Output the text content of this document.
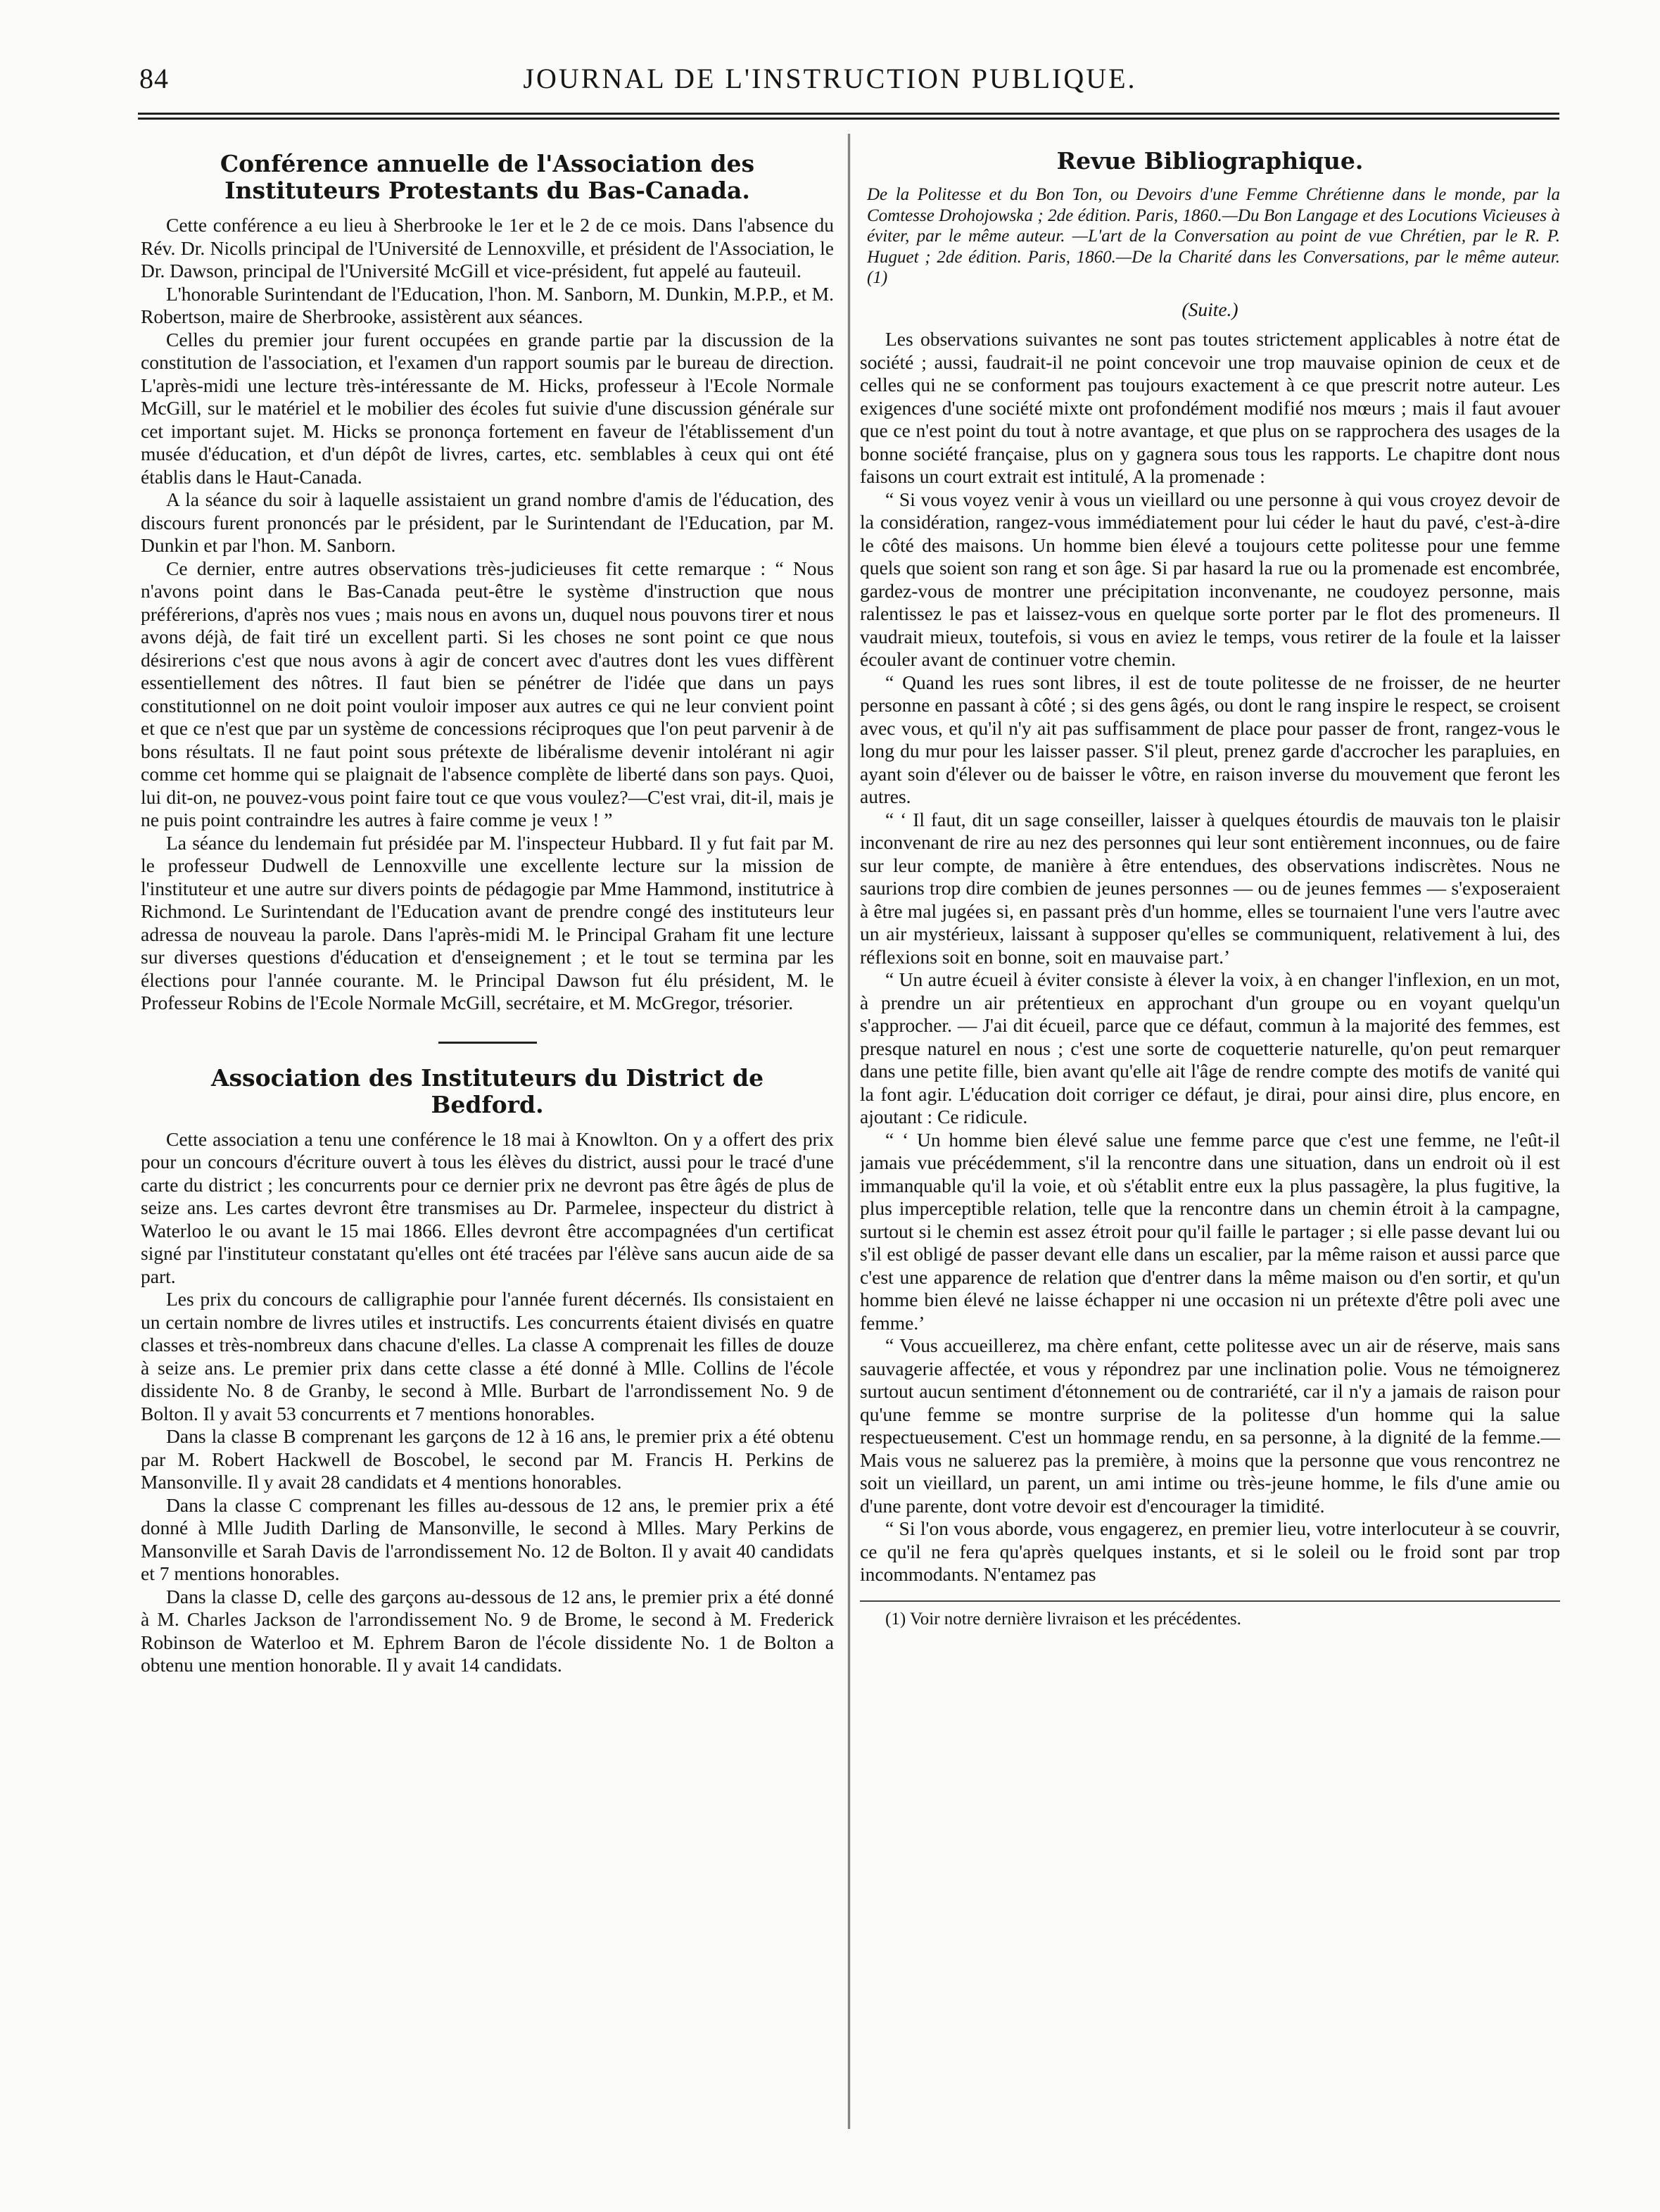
84	JOURNAL DE L'INSTRUCTION PUBLIQUE.
Conférence annuelle de l'Association des Instituteurs Protestants du Bas-Canada.

Cette conférence a eu lieu à Sherbrooke le 1er et le 2 de ce mois. Dans l'absence du Rév. Dr. Nicolls principal de l'Université de Lennoxville, et président de l'Association, le Dr. Dawson, principal de l'Université McGill et vice-président, fut appelé au fauteuil.

L'honorable Surintendant de l'Education, l'hon. M. Sanborn, M. Dunkin, M.P.P., et M. Robertson, maire de Sherbrooke, assistèrent aux séances.

Celles du premier jour furent occupées en grande partie par la discussion de la constitution de l'association, et l'examen d'un rapport soumis par le bureau de direction. L'après-midi une lecture très-intéressante de M. Hicks, professeur à l'Ecole Normale McGill, sur le matériel et le mobilier des écoles fut suivie d'une discussion générale sur cet important sujet. M. Hicks se prononça fortement en faveur de l'établissement d'un musée d'éducation, et d'un dépôt de livres, cartes, etc. semblables à ceux qui ont été établis dans le Haut-Canada.

A la séance du soir à laquelle assistaient un grand nombre d'amis de l'éducation, des discours furent prononcés par le président, par le Surintendant de l'Education, par M. Dunkin et par l'hon. M. Sanborn.

Ce dernier, entre autres observations très-judicieuses fit cette remarque : “ Nous n'avons point dans le Bas-Canada peut-être le système d'instruction que nous préférerions, d'après nos vues ; mais nous en avons un, duquel nous pouvons tirer et nous avons déjà, de fait tiré un excellent parti. Si les choses ne sont point ce que nous désirerions c'est que nous avons à agir de concert avec d'autres dont les vues diffèrent essentiellement des nôtres. Il faut bien se pénétrer de l'idée que dans un pays constitutionnel on ne doit point vouloir imposer aux autres ce qui ne leur convient point et que ce n'est que par un système de concessions réciproques que l'on peut parvenir à de bons résultats. Il ne faut point sous prétexte de libéralisme devenir intolérant ni agir comme cet homme qui se plaignait de l'absence complète de liberté dans son pays. Quoi, lui dit-on, ne pouvez-vous point faire tout ce que vous voulez?—C'est vrai, dit-il, mais je ne puis point contraindre les autres à faire comme je veux ! ”

La séance du lendemain fut présidée par M. l'inspecteur Hubbard. Il y fut fait par M. le professeur Dudwell de Lennoxville une excellente lecture sur la mission de l'instituteur et une autre sur divers points de pédagogie par Mme Hammond, institutrice à Richmond. Le Surintendant de l'Education avant de prendre congé des instituteurs leur adressa de nouveau la parole. Dans l'après-midi M. le Principal Graham fit une lecture sur diverses questions d'éducation et d'enseignement ; et le tout se termina par les élections pour l'année courante. M. le Principal Dawson fut élu président, M. le Professeur Robins de l'Ecole Normale McGill, secrétaire, et M. McGregor, trésorier.

Association des Instituteurs du District de Bedford.

Cette association a tenu une conférence le 18 mai à Knowlton. On y a offert des prix pour un concours d'écriture ouvert à tous les élèves du district, aussi pour le tracé d'une carte du district ; les concurrents pour ce dernier prix ne devront pas être âgés de plus de seize ans. Les cartes devront être transmises au Dr. Parmelee, inspecteur du district à Waterloo le ou avant le 15 mai 1866. Elles devront être accompagnées d'un certificat signé par l'instituteur constatant qu'elles ont été tracées par l'élève sans aucun aide de sa part.

Les prix du concours de calligraphie pour l'année furent décernés. Ils consistaient en un certain nombre de livres utiles et instructifs. Les concurrents étaient divisés en quatre classes et très-nombreux dans chacune d'elles. La classe A comprenait les filles de douze à seize ans. Le premier prix dans cette classe a été donné à Mlle. Collins de l'école dissidente No. 8 de Granby, le second à Mlle. Burbart de l'arrondissement No. 9 de Bolton. Il y avait 53 concurrents et 7 mentions honorables.

Dans la classe B comprenant les garçons de 12 à 16 ans, le premier prix a été obtenu par M. Robert Hackwell de Boscobel, le second par M. Francis H. Perkins de Mansonville. Il y avait 28 candidats et 4 mentions honorables.

Dans la classe C comprenant les filles au-dessous de 12 ans, le premier prix a été donné à Mlle Judith Darling de Mansonville, le second à Mlles. Mary Perkins de Mansonville et Sarah Davis de l'arrondissement No. 12 de Bolton. Il y avait 40 candidats et 7 mentions honorables.

Dans la classe D, celle des garçons au-dessous de 12 ans, le premier prix a été donné à M. Charles Jackson de l'arrondissement No. 9 de Brome, le second à M. Frederick Robinson de Waterloo et M. Ephrem Baron de l'école dissidente No. 1 de Bolton a obtenu une mention honorable. Il y avait 14 candidats.

Revue Bibliographique.

De la Politesse et du Bon Ton, ou Devoirs d'une Femme Chrétienne dans le monde, par la Comtesse Drohojowska ; 2de édition. Paris, 1860.—Du Bon Langage et des Locutions Vicieuses à éviter, par le même auteur. —L'art de la Conversation au point de vue Chrétien, par le R. P. Huguet ; 2de édition. Paris, 1860.—De la Charité dans les Conversations, par le même auteur. (1)

(Suite.)

Les observations suivantes ne sont pas toutes strictement applicables à notre état de société ; aussi, faudrait-il ne point concevoir une trop mauvaise opinion de ceux et de celles qui ne se conforment pas toujours exactement à ce que prescrit notre auteur. Les exigences d'une société mixte ont profondément modifié nos mœurs ; mais il faut avouer que ce n'est point du tout à notre avantage, et que plus on se rapprochera des usages de la bonne société française, plus on y gagnera sous tous les rapports. Le chapitre dont nous faisons un court extrait est intitulé, A la promenade :

“ Si vous voyez venir à vous un vieillard ou une personne à qui vous croyez devoir de la considération, rangez-vous immédiatement pour lui céder le haut du pavé, c'est-à-dire le côté des maisons. Un homme bien élevé a toujours cette politesse pour une femme quels que soient son rang et son âge. Si par hasard la rue ou la promenade est encombrée, gardez-vous de montrer une précipitation inconvenante, ne coudoyez personne, mais ralentissez le pas et laissez-vous en quelque sorte porter par le flot des promeneurs. Il vaudrait mieux, toutefois, si vous en aviez le temps, vous retirer de la foule et la laisser écouler avant de continuer votre chemin.

“ Quand les rues sont libres, il est de toute politesse de ne froisser, de ne heurter personne en passant à côté ; si des gens âgés, ou dont le rang inspire le respect, se croisent avec vous, et qu'il n'y ait pas suffisamment de place pour passer de front, rangez-vous le long du mur pour les laisser passer. S'il pleut, prenez garde d'accrocher les parapluies, en ayant soin d'élever ou de baisser le vôtre, en raison inverse du mouvement que feront les autres.

“ ‘ Il faut, dit un sage conseiller, laisser à quelques étourdis de mauvais ton le plaisir inconvenant de rire au nez des personnes qui leur sont entièrement inconnues, ou de faire sur leur compte, de manière à être entendues, des observations indiscrètes. Nous ne saurions trop dire combien de jeunes personnes — ou de jeunes femmes — s'exposeraient à être mal jugées si, en passant près d'un homme, elles se tournaient l'une vers l'autre avec un air mystérieux, laissant à supposer qu'elles se communiquent, relativement à lui, des réflexions soit en bonne, soit en mauvaise part.’

“ Un autre écueil à éviter consiste à élever la voix, à en changer l'inflexion, en un mot, à prendre un air prétentieux en approchant d'un groupe ou en voyant quelqu'un s'approcher. — J'ai dit écueil, parce que ce défaut, commun à la majorité des femmes, est presque naturel en nous ; c'est une sorte de coquetterie naturelle, qu'on peut remarquer dans une petite fille, bien avant qu'elle ait l'âge de rendre compte des motifs de vanité qui la font agir. L'éducation doit corriger ce défaut, je dirai, pour ainsi dire, plus encore, en ajoutant : Ce ridicule.

“ ‘ Un homme bien élevé salue une femme parce que c'est une femme, ne l'eût-il jamais vue précédemment, s'il la rencontre dans une situation, dans un endroit où il est immanquable qu'il la voie, et où s'établit entre eux la plus passagère, la plus fugitive, la plus imperceptible relation, telle que la rencontre dans un chemin étroit à la campagne, surtout si le chemin est assez étroit pour qu'il faille le partager ; si elle passe devant lui ou s'il est obligé de passer devant elle dans un escalier, par la même raison et aussi parce que c'est une apparence de relation que d'entrer dans la même maison ou d'en sortir, et qu'un homme bien élevé ne laisse échapper ni une occasion ni un prétexte d'être poli avec une femme.’

“ Vous accueillerez, ma chère enfant, cette politesse avec un air de réserve, mais sans sauvagerie affectée, et vous y répondrez par une inclination polie. Vous ne témoignerez surtout aucun sentiment d'étonnement ou de contrariété, car il n'y a jamais de raison pour qu'une femme se montre surprise de la politesse d'un homme qui la salue respectueusement. C'est un hommage rendu, en sa personne, à la dignité de la femme.— Mais vous ne saluerez pas la première, à moins que la personne que vous rencontrez ne soit un vieillard, un parent, un ami intime ou très-jeune homme, le fils d'une amie ou d'une parente, dont votre devoir est d'encourager la timidité.

“ Si l'on vous aborde, vous engagerez, en premier lieu, votre interlocuteur à se couvrir, ce qu'il ne fera qu'après quelques instants, et si le soleil ou le froid sont par trop incommodants. N'entamez pas

(1) Voir notre dernière livraison et les précédentes.
